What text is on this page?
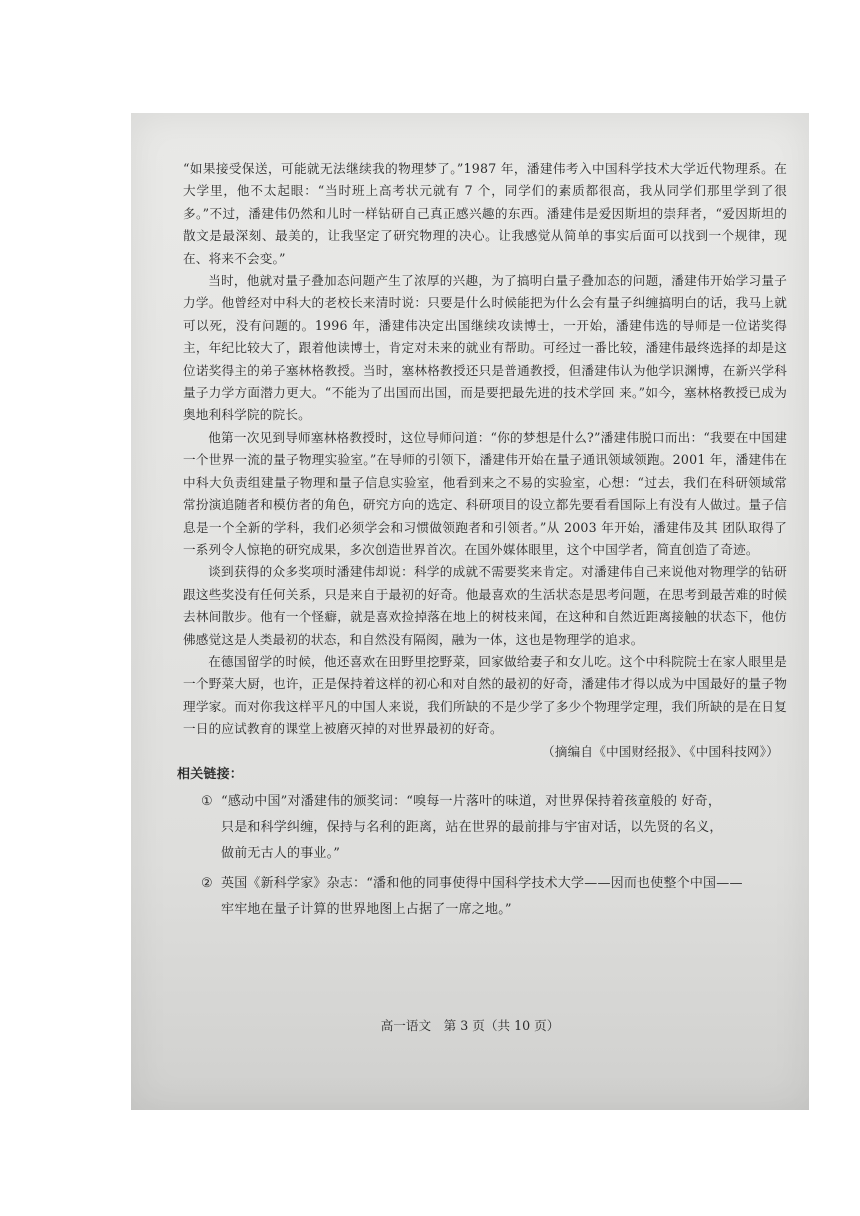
“如果接受保送，可能就无法继续我的物理梦了。”1987 年，潘建伟考入中国科学技术大学近代物理系。在大学里，他不太起眼：“当时班上高考状元就有 7 个，同学们的素质都很高，我从同学们那里学到了很多。”不过，潘建伟仍然和儿时一样钻研自己真正感兴趣的东西。潘建伟是爱因斯坦的崇拜者，“爱因斯坦的散文是最深刻、最美的，让我坚定了研究物理的决心。让我感觉从简单的事实后面可以找到一个规律，现在、将来不会变。”

当时，他就对量子叠加态问题产生了浓厚的兴趣，为了搞明白量子叠加态的问题，潘建伟开始学习量子力学。他曾经对中科大的老校长来清时说：只要是什么时候能把为什么会有量子纠缠搞明白的话，我马上就可以死，没有问题的。1996 年，潘建伟决定出国继续攻读博士，一开始，潘建伟选的导师是一位诺奖得主，年纪比较大了，跟着他读博士，肯定对未来的就业有帮助。可经过一番比较，潘建伟最终选择的却是这位诺奖得主的弟子塞林格教授。当时，塞林格教授还只是普通教授，但潘建伟认为他学识渊博，在新兴学科量子力学方面潜力更大。“不能为了出国而出国，而是要把最先进的技术学回 来。”如今，塞林格教授已成为奥地利科学院的院长。

他第一次见到导师塞林格教授时，这位导师问道：“你的梦想是什么?”潘建伟脱口而出：“我要在中国建一个世界一流的量子物理实验室。”在导师的引领下，潘建伟开始在量子通讯领域领跑。2001 年，潘建伟在中科大负责组建量子物理和量子信息实验室，他看到来之不易的实验室，心想：“过去，我们在科研领域常常扮演追随者和模仿者的角色，研究方向的选定、科研项目的设立都先要看看国际上有没有人做过。量子信息是一个全新的学科，我们必须学会和习惯做领跑者和引领者。”从 2003 年开始，潘建伟及其 团队取得了一系列令人惊艳的研究成果，多次创造世界首次。在国外媒体眼里，这个中国学者，简直创造了奇迹。

谈到获得的众多奖项时潘建伟却说：科学的成就不需要奖来肯定。对潘建伟自己来说他对物理学的钻研跟这些奖没有任何关系，只是来自于最初的好奇。他最喜欢的生活状态是思考问题，在思考到最苦难的时候去林间散步。他有一个怪癖，就是喜欢捡掉落在地上的树枝来闻，在这种和自然近距离接触的状态下，他仿佛感觉这是人类最初的状态，和自然没有隔阂，融为一体，这也是物理学的追求。

在德国留学的时候，他还喜欢在田野里挖野菜，回家做给妻子和女儿吃。这个中科院院士在家人眼里是一个野菜大厨，也许，正是保持着这样的初心和对自然的最初的好奇，潘建伟才得以成为中国最好的量子物理学家。而对你我这样平凡的中国人来说，我们所缺的不是少学了多少个物理学定理，我们所缺的是在日复一日的应试教育的课堂上被磨灭掉的对世界最初的好奇。

（摘编自《中国财经报》、《中国科技网》）

相关链接：

① “感动中国”对潘建伟的颁奖词：“嗅每一片落叶的味道，对世界保持着孩童般的 好奇，
只是和科学纠缠，保持与名利的距离，站在世界的最前排与宇宙对话，以先贤的名义，
做前无古人的事业。”
② 英国《新科学家》杂志：“潘和他的同事使得中国科学技术大学——因而也使整个中国——
牢牢地在量子计算的世界地图上占据了一席之地。”
高一语文　第 3 页（共 10 页）
